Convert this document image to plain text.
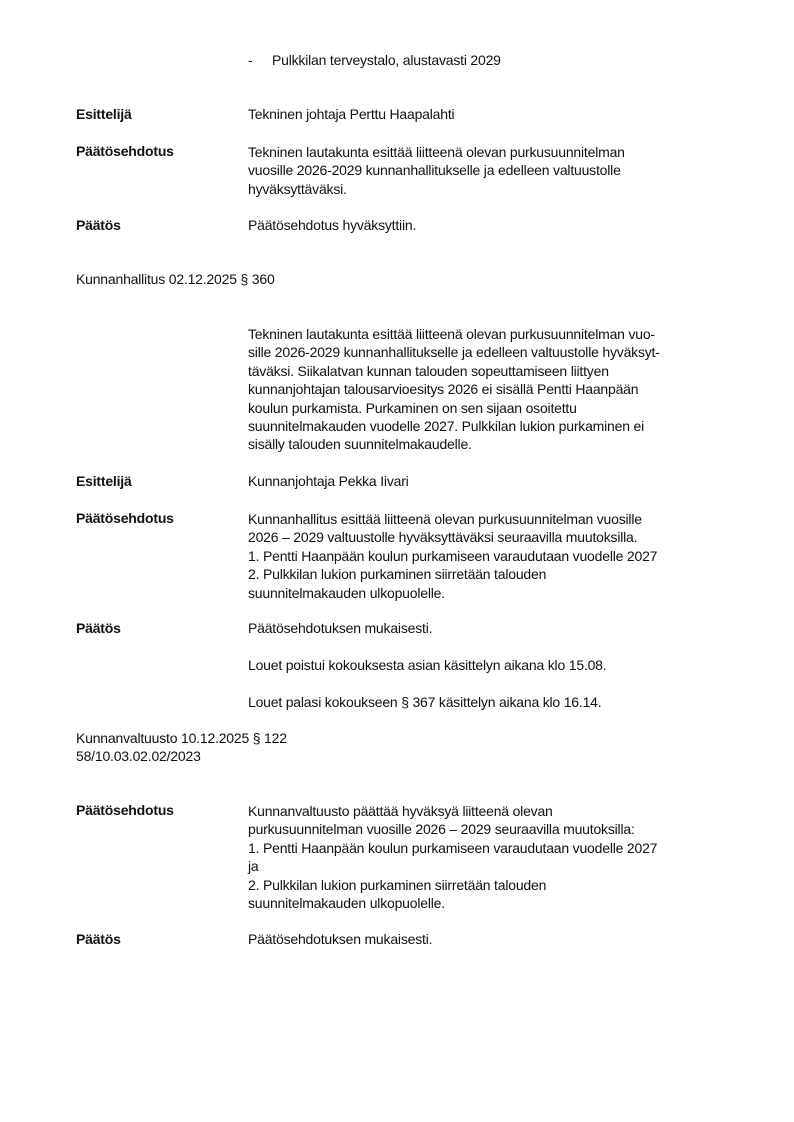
- Pulkkilan terveystalo, alustavasti 2029
Esittelijä	Tekninen johtaja Perttu Haapalahti
Päätösehdotus	Tekninen lautakunta esittää liitteenä olevan purkusuunnitelman
vuosille 2026-2029 kunnanhallitukselle ja edelleen valtuustolle
hyväksyttäväksi.
Päätös	Päätösehdotus hyväksyttiin.
Kunnanhallitus 02.12.2025 § 360
Tekninen lautakunta esittää liitteenä olevan purkusuunnitelman vuo-
sille 2026-2029 kunnanhallitukselle ja edelleen valtuustolle hyväksyt-
täväksi. Siikalatvan kunnan talouden sopeuttamiseen liittyen
kunnanjohtajan talousarvioesitys 2026 ei sisällä Pentti Haanpään
koulun purkamista. Purkaminen on sen sijaan osoitettu
suunnitelmakauden vuodelle 2027. Pulkkilan lukion purkaminen ei
sisälly talouden suunnitelmakaudelle.
Esittelijä	Kunnanjohtaja Pekka Iivari
Päätösehdotus	Kunnanhallitus esittää liitteenä olevan purkusuunnitelman vuosille
2026 – 2029 valtuustolle hyväksyttäväksi seuraavilla muutoksilla.
1. Pentti Haanpään koulun purkamiseen varaudutaan vuodelle 2027
2. Pulkkilan lukion purkaminen siirretään talouden
suunnitelmakauden ulkopuolelle.
Päätös	Päätösehdotuksen mukaisesti.
Louet poistui kokouksesta asian käsittelyn aikana klo 15.08.
Louet palasi kokoukseen § 367 käsittelyn aikana klo 16.14.
Kunnanvaltuusto 10.12.2025 § 122
58/10.03.02.02/2023
Päätösehdotus	Kunnanvaltuusto päättää hyväksyä liitteenä olevan
purkusuunnitelman vuosille 2026 – 2029 seuraavilla muutoksilla:
1. Pentti Haanpään koulun purkamiseen varaudutaan vuodelle 2027
ja
2. Pulkkilan lukion purkaminen siirretään talouden
suunnitelmakauden ulkopuolelle.
Päätös	Päätösehdotuksen mukaisesti.
